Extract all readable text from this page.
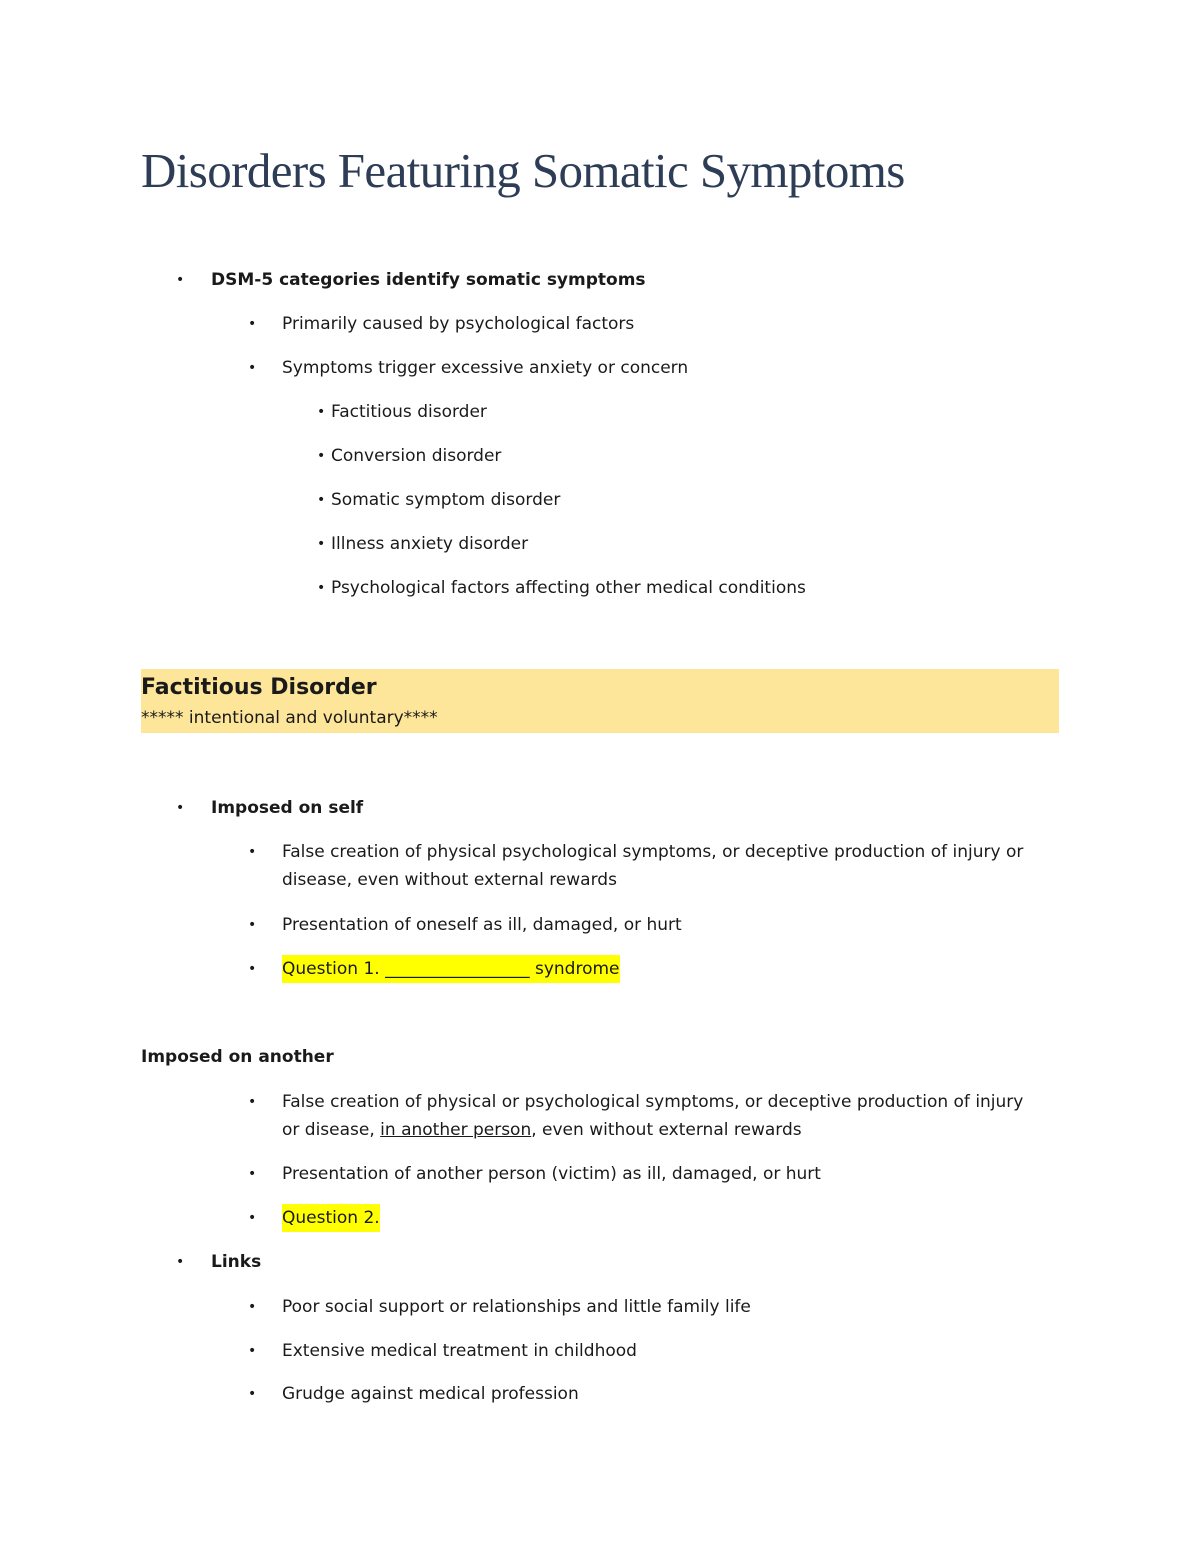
Disorders Featuring Somatic Symptoms
• DSM-5 categories identify somatic symptoms
• Primarily caused by psychological factors
• Symptoms trigger excessive anxiety or concern
• Factitious disorder
• Conversion disorder
• Somatic symptom disorder
• Illness anxiety disorder
• Psychological factors affecting other medical conditions
Factitious Disorder
***** intentional and voluntary****
• Imposed on self
• False creation of physical psychological symptoms, or deceptive production of injury or
disease, even without external rewards
• Presentation of oneself as ill, damaged, or hurt
• Question 1. _________________ syndrome
Imposed on another
• False creation of physical or psychological symptoms, or deceptive production of injury
or disease, in another person, even without external rewards
• Presentation of another person (victim) as ill, damaged, or hurt
• Question 2.
• Links
• Poor social support or relationships and little family life
• Extensive medical treatment in childhood
• Grudge against medical profession
